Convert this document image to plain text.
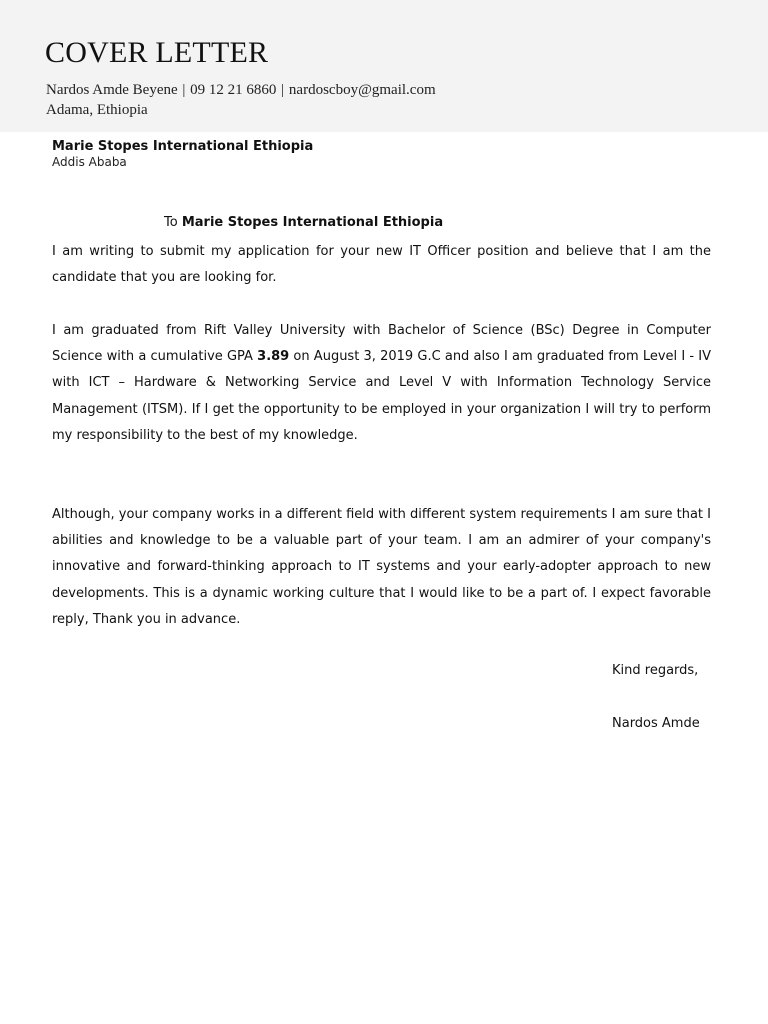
COVER LETTER
Nardos Amde Beyene | 09 12 21 6860 | nardoscboy@gmail.com
Adama, Ethiopia
Marie Stopes International Ethiopia
Addis Ababa
To Marie Stopes International Ethiopia

I am writing to submit my application for your new IT Officer position and believe that I am the candidate that you are looking for.

I am graduated from Rift Valley University with Bachelor of Science (BSc) Degree in Computer Science with a cumulative GPA 3.89 on August 3, 2019 G.C and also I am graduated from Level I - IV with ICT – Hardware & Networking Service and Level V with Information Technology Service Management (ITSM). If I get the opportunity to be employed in your organization I will try to perform my responsibility to the best of my knowledge.

Although, your company works in a different field with different system requirements I am sure that I abilities and knowledge to be a valuable part of your team. I am an admirer of your company's innovative and forward-thinking approach to IT systems and your early-adopter approach to new developments. This is a dynamic working culture that I would like to be a part of. I expect favorable reply, Thank you in advance.

Kind regards,
Nardos Amde
